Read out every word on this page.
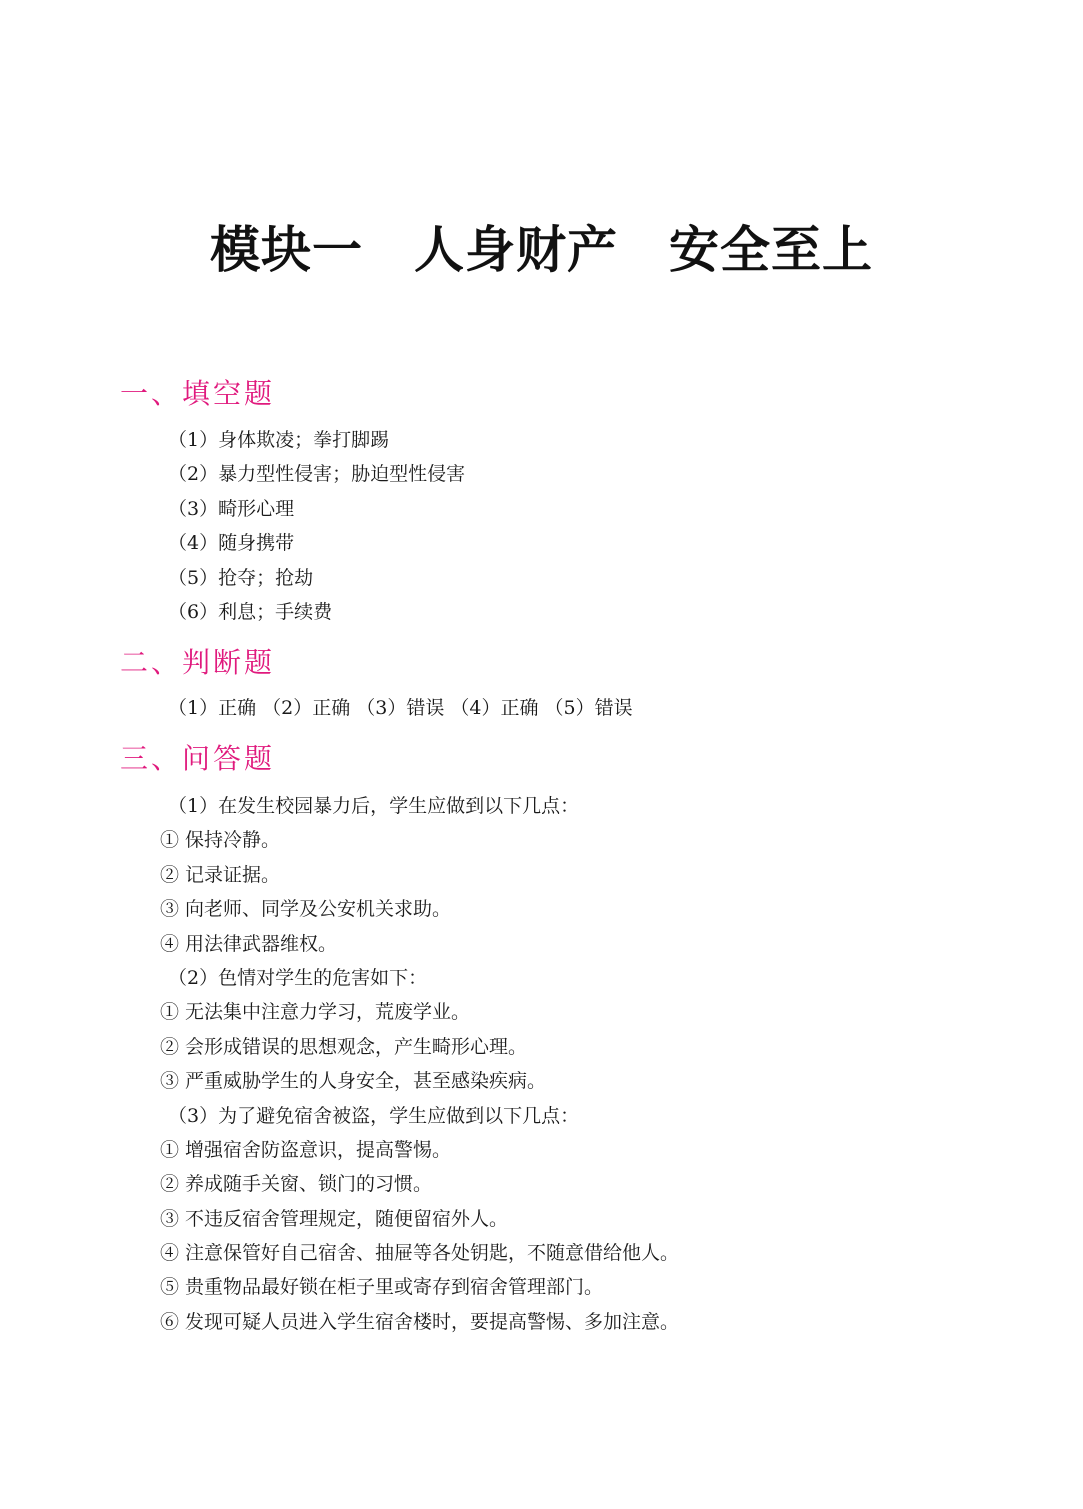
模块一　人身财产　安全至上
一、填空题
（1）身体欺凌；拳打脚踢
（2）暴力型性侵害；胁迫型性侵害
（3）畸形心理
（4）随身携带
（5）抢夺；抢劫
（6）利息；手续费
二、判断题
（1）正确 （2）正确 （3）错误 （4）正确 （5）错误
三、问答题
（1）在发生校园暴力后，学生应做到以下几点：
① 保持冷静。
② 记录证据。
③ 向老师、同学及公安机关求助。
④ 用法律武器维权。
（2）色情对学生的危害如下：
① 无法集中注意力学习，荒废学业。
② 会形成错误的思想观念，产生畸形心理。
③ 严重威胁学生的人身安全，甚至感染疾病。
（3）为了避免宿舍被盗，学生应做到以下几点：
① 增强宿舍防盗意识，提高警惕。
② 养成随手关窗、锁门的习惯。
③ 不违反宿舍管理规定，随便留宿外人。
④ 注意保管好自己宿舍、抽屉等各处钥匙，不随意借给他人。
⑤ 贵重物品最好锁在柜子里或寄存到宿舍管理部门。
⑥ 发现可疑人员进入学生宿舍楼时，要提高警惕、多加注意。
